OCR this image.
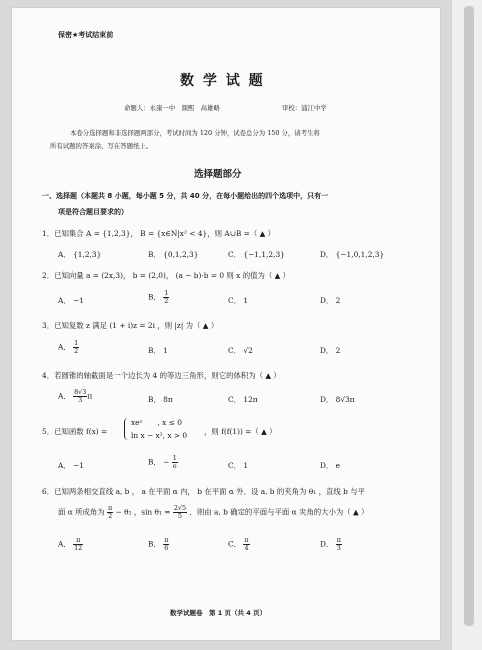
保密★考试结束前
数 学 试 题
命题人：永康一中　颜熙　高雄略	审校：浦江中学
本卷分选择题和非选择题两部分，考试时间为 120 分钟，试卷总分为 150 分，请考生将
所有试题的答案涂、写在答题纸上。
选择题部分
一、选择题（本题共 8 小题，每小题 5 分，共 40 分，在每小题给出的四个选项中，只有一
项是符合题目要求的）
1．已知集合 A = {1,2,3}， B = {x∈N|x² < 4}，则 A∪B =（ ▲ ）
A． {1,2,3}	B． {0,1,2,3}	C． {−1,1,2,3}	D． {−1,0,1,2,3}
2．已知向量 a = (2x,3)， b = (2,0)， (a − b)·b = 0 则 x 的值为（ ▲ ）
A． −1	B． $\frac{1}{2}$	C． 1	D． 2
3．已知复数 z 满足 (1 + i)z = 2i ，则 |z| 为（ ▲ ）
A． $\frac{1}{2}$	B． 1	C． √2	D． 2
4．若圆锥的轴截面是一个边长为 4 的等边三角形，则它的体积为（ ▲ ）
A． $\frac{8√3}{3}$ π	B． 8π	C． 12π	D． 8√3π
5．已知函数 f(x) =
xeˣ　　, x ≤ 0
ln x − x², x > 0 ，则 f(f(1)) =（ ▲ ）
A． −1	B． − $\frac{1}{e}$	C． 1	D． e
6．已知两条相交直线 a, b ， a 在平面 α 内， b 在平面 α 外．设 a, b 的夹角为 θ₁ ，直线 b 与平
面 α 所成角为 $\frac{\pi}{2} - \theta_1$ ，$\sin \theta_1 = \frac{2√5}{5}$ ．则由 a, b 确定的平面与平面 α 夹角的大小为（ ▲ ）
A． $\frac{\pi}{12}$	B． $\frac{\pi}{6}$	C． $\frac{\pi}{4}$	D． $\frac{\pi}{3}$
数学试题卷　第 1 页（共 4 页）
